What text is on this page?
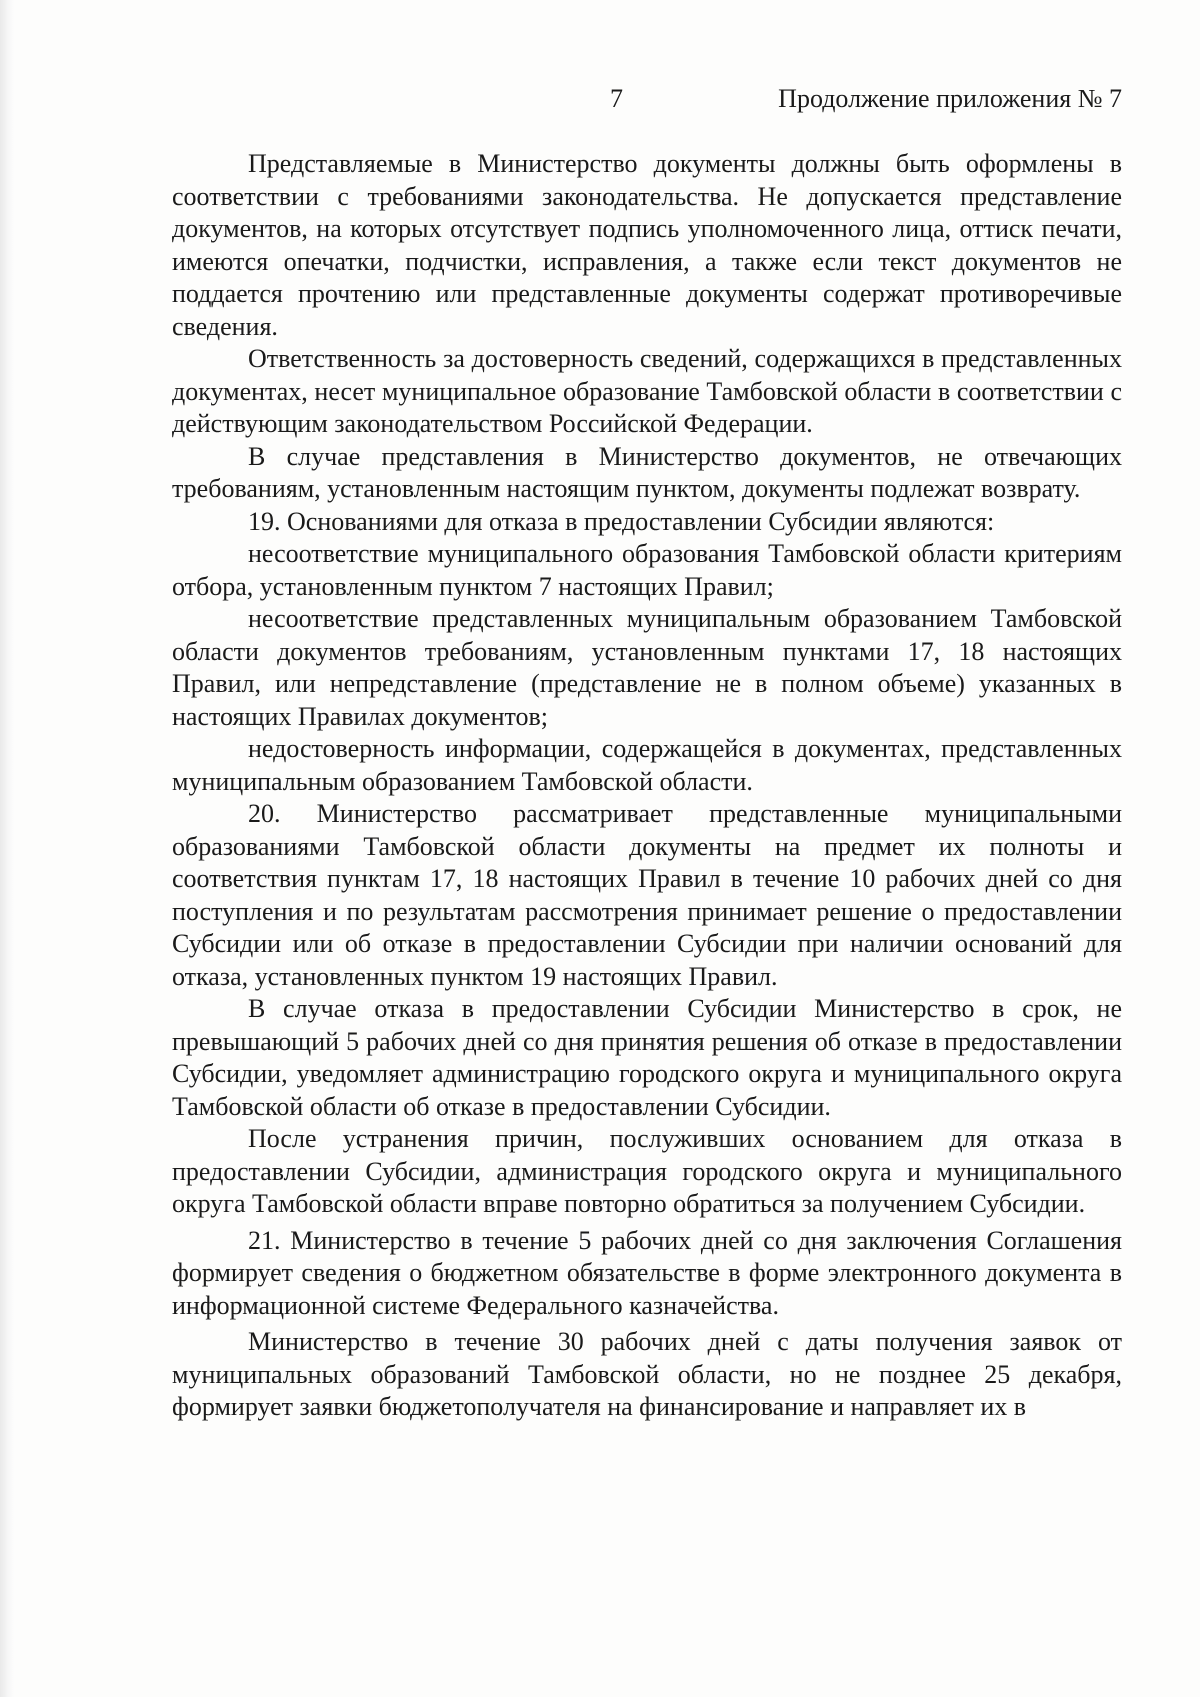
7	Продолжение приложения № 7

Представляемые в Министерство документы должны быть оформлены в соответствии с требованиями законодательства. Не допускается представление документов, на которых отсутствует подпись уполномоченного лица, оттиск печати, имеются опечатки, подчистки, исправления, а также если текст документов не поддается прочтению или представленные документы содержат противоречивые сведения.

Ответственность за достоверность сведений, содержащихся в представленных документах, несет муниципальное образование Тамбовской области в соответствии с действующим законодательством Российской Федерации.

В случае представления в Министерство документов, не отвечающих требованиям, установленным настоящим пунктом, документы подлежат возврату.

19. Основаниями для отказа в предоставлении Субсидии являются:

несоответствие муниципального образования Тамбовской области критериям отбора, установленным пунктом 7 настоящих Правил;

несоответствие представленных муниципальным образованием Тамбовской области документов требованиям, установленным пунктами 17, 18 настоящих Правил, или непредставление (представление не в полном объеме) указанных в настоящих Правилах документов;

недостоверность информации, содержащейся в документах, представленных муниципальным образованием Тамбовской области.

20. Министерство рассматривает представленные муниципальными образованиями Тамбовской области документы на предмет их полноты и соответствия пунктам 17, 18 настоящих Правил в течение 10 рабочих дней со дня поступления и по результатам рассмотрения принимает решение о предоставлении Субсидии или об отказе в предоставлении Субсидии при наличии оснований для отказа, установленных пунктом 19 настоящих Правил.

В случае отказа в предоставлении Субсидии Министерство в срок, не превышающий 5 рабочих дней со дня принятия решения об отказе в предоставлении Субсидии, уведомляет администрацию городского округа и муниципального округа Тамбовской области об отказе в предоставлении Субсидии.

После устранения причин, послуживших основанием для отказа в предоставлении Субсидии, администрация городского округа и муниципального округа Тамбовской области вправе повторно обратиться за получением Субсидии.

21. Министерство в течение 5 рабочих дней со дня заключения Соглашения формирует сведения о бюджетном обязательстве в форме электронного документа в информационной системе Федерального казначейства.

Министерство в течение 30 рабочих дней с даты получения заявок от муниципальных образований Тамбовской области, но не позднее 25 декабря, формирует заявки бюджетополучателя на финансирование и направляет их в
